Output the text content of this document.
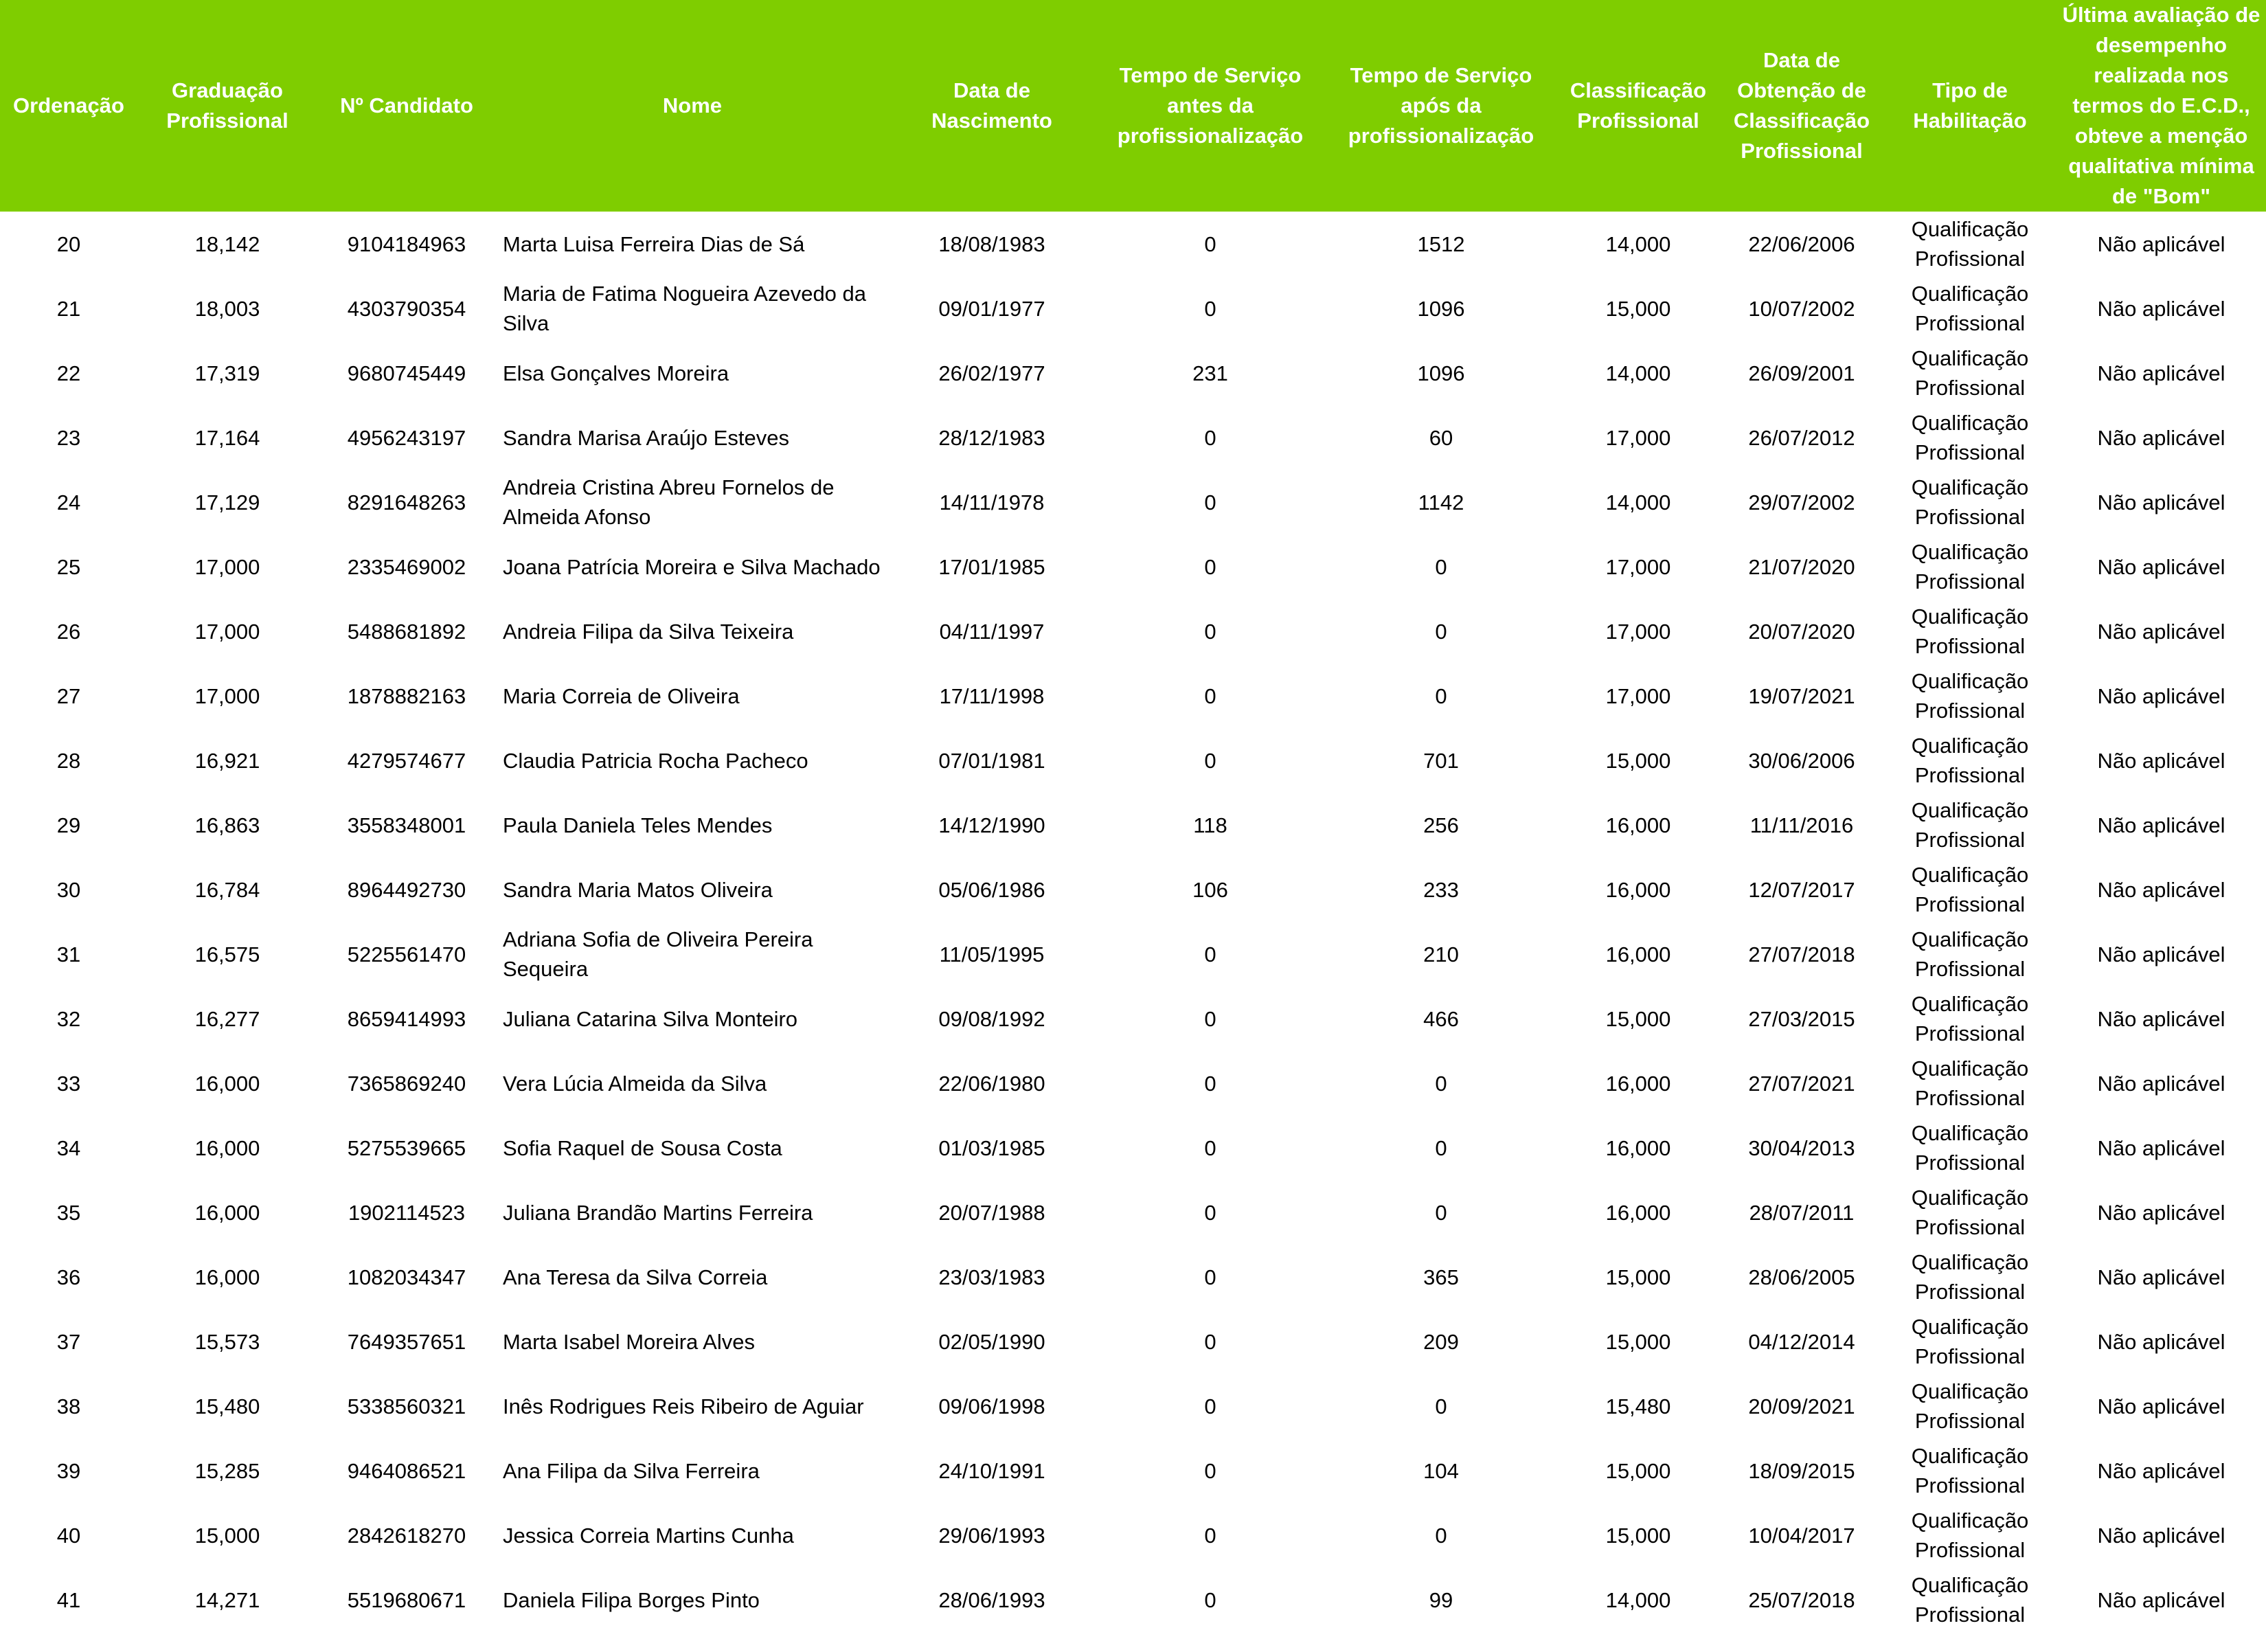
Ordenação	Graduação Profissional	Nº Candidato	Nome	Data de Nascimento	Tempo de Serviço antes da profissionalização	Tempo de Serviço após da profissionalização	Classificação Profissional	Data de Obtenção de Classificação Profissional	Tipo de Habilitação	Última avaliação de desempenho realizada nos termos do E.C.D., obteve a menção qualitativa mínima de "Bom"
20	18,142	9104184963	Marta Luisa Ferreira Dias de Sá	18/08/1983	0	1512	14,000	22/06/2006	Qualificação Profissional	Não aplicável
21	18,003	4303790354	Maria de Fatima Nogueira Azevedo da Silva	09/01/1977	0	1096	15,000	10/07/2002	Qualificação Profissional	Não aplicável
22	17,319	9680745449	Elsa Gonçalves Moreira	26/02/1977	231	1096	14,000	26/09/2001	Qualificação Profissional	Não aplicável
23	17,164	4956243197	Sandra Marisa Araújo Esteves	28/12/1983	0	60	17,000	26/07/2012	Qualificação Profissional	Não aplicável
24	17,129	8291648263	Andreia Cristina Abreu Fornelos de Almeida Afonso	14/11/1978	0	1142	14,000	29/07/2002	Qualificação Profissional	Não aplicável
25	17,000	2335469002	Joana Patrícia Moreira e Silva Machado	17/01/1985	0	0	17,000	21/07/2020	Qualificação Profissional	Não aplicável
26	17,000	5488681892	Andreia Filipa da Silva Teixeira	04/11/1997	0	0	17,000	20/07/2020	Qualificação Profissional	Não aplicável
27	17,000	1878882163	Maria Correia de Oliveira	17/11/1998	0	0	17,000	19/07/2021	Qualificação Profissional	Não aplicável
28	16,921	4279574677	Claudia Patricia Rocha Pacheco	07/01/1981	0	701	15,000	30/06/2006	Qualificação Profissional	Não aplicável
29	16,863	3558348001	Paula Daniela Teles Mendes	14/12/1990	118	256	16,000	11/11/2016	Qualificação Profissional	Não aplicável
30	16,784	8964492730	Sandra Maria Matos Oliveira	05/06/1986	106	233	16,000	12/07/2017	Qualificação Profissional	Não aplicável
31	16,575	5225561470	Adriana Sofia de Oliveira Pereira Sequeira	11/05/1995	0	210	16,000	27/07/2018	Qualificação Profissional	Não aplicável
32	16,277	8659414993	Juliana Catarina Silva Monteiro	09/08/1992	0	466	15,000	27/03/2015	Qualificação Profissional	Não aplicável
33	16,000	7365869240	Vera Lúcia Almeida da Silva	22/06/1980	0	0	16,000	27/07/2021	Qualificação Profissional	Não aplicável
34	16,000	5275539665	Sofia Raquel de Sousa Costa	01/03/1985	0	0	16,000	30/04/2013	Qualificação Profissional	Não aplicável
35	16,000	1902114523	Juliana Brandão Martins Ferreira	20/07/1988	0	0	16,000	28/07/2011	Qualificação Profissional	Não aplicável
36	16,000	1082034347	Ana Teresa da Silva Correia	23/03/1983	0	365	15,000	28/06/2005	Qualificação Profissional	Não aplicável
37	15,573	7649357651	Marta Isabel Moreira Alves	02/05/1990	0	209	15,000	04/12/2014	Qualificação Profissional	Não aplicável
38	15,480	5338560321	Inês Rodrigues Reis Ribeiro de Aguiar	09/06/1998	0	0	15,480	20/09/2021	Qualificação Profissional	Não aplicável
39	15,285	9464086521	Ana Filipa da Silva Ferreira	24/10/1991	0	104	15,000	18/09/2015	Qualificação Profissional	Não aplicável
40	15,000	2842618270	Jessica Correia Martins Cunha	29/06/1993	0	0	15,000	10/04/2017	Qualificação Profissional	Não aplicável
41	14,271	5519680671	Daniela Filipa Borges Pinto	28/06/1993	0	99	14,000	25/07/2018	Qualificação Profissional	Não aplicável
